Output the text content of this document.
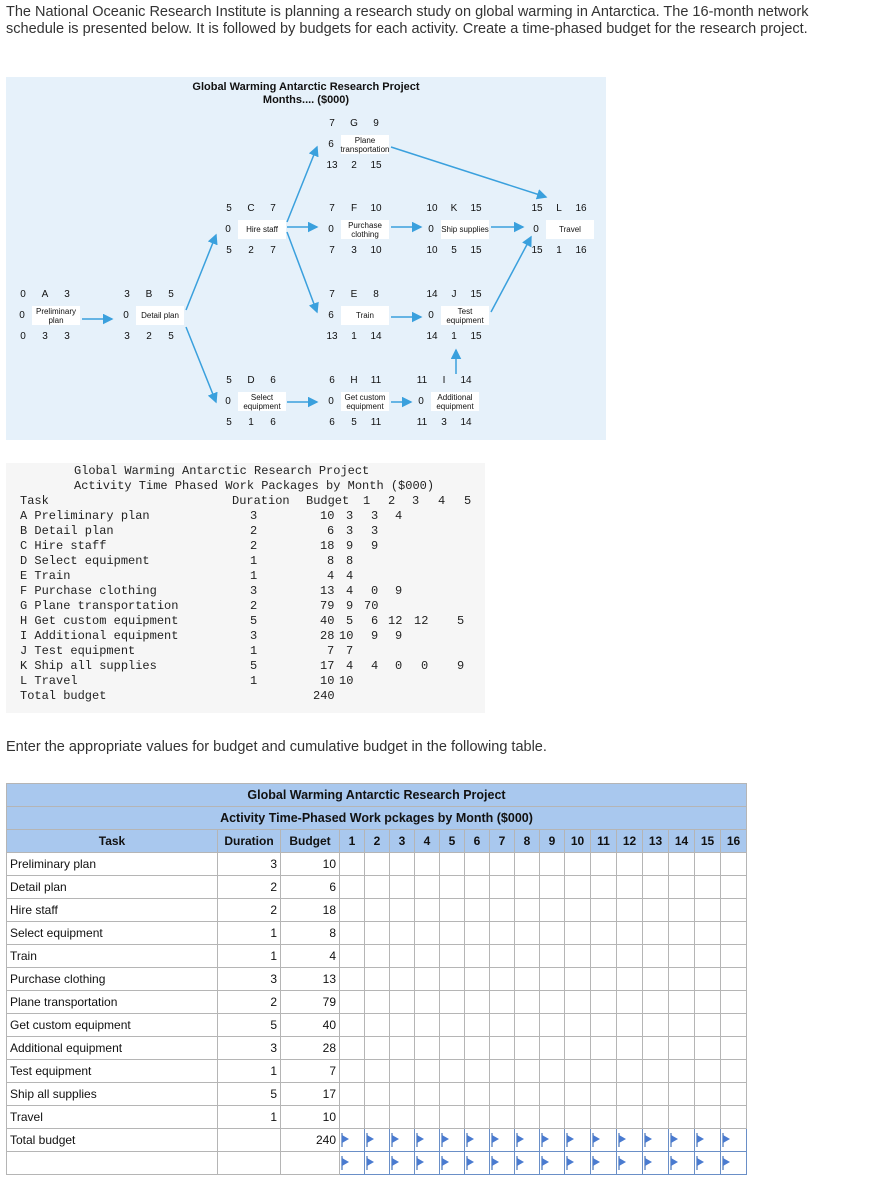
The National Oceanic Research Institute is planning a research study on global warming in Antarctica. The 16-month network schedule is presented below. It is followed by budgets for each activity. Create a time-phased budget for the research project.
Global Warming Antarctic Research Project
Months.... ($000)
0	A	3
0	Preliminary plan
0	3	3
3	B	5
0	Detail plan
3	2	5
5	C	7
0	Hire staff
5	2	7
5	D	6
0	Select equipment
5	1	6
7	G	9
6	Plane transportation
13	2	15
7	F	10
0	Purchase clothing
7	3	10
7	E	8
6	Train
13	1	14
6	H	11
0	Get custom equipment
6	5	11
10	K	15
0 Ship supplies
10	5	15
14	J	15
0	Test equipment
14	1	15
11	I	14
0	Additional equipment
11	3	14
15	L	16
0	Travel
15	1	16
Global Warming Antarctic Research Project
Activity Time Phased Work Packages by Month ($000)
Task	Duration Budget 1 2 3 4 5
A Preliminary plan	3	10 3 3 4
B Detail plan	2	6 3 3
C Hire staff	2	18 9 9
D Select equipment	1	8 8
E Train	1	4 4
F Purchase clothing	3	13 4 0 9
G Plane transportation	2	79 9 70
H Get custom equipment	5	40 5 6 12 12 5
I Additional equipment	3	28 10 9 9
J Test equipment	1	7 7
K Ship all supplies	5	17 4 4 0 0 9
L Travel	1	10 10
Total budget	240
Enter the appropriate values for budget and cumulative budget in the following table.
Global Warming Antarctic Research Project																		
Activity Time-Phased Work pckages by Month ($000)																		
Task	Duration	Budget	1	2	3	4	5	6	7	8	9	10	11	12	13	14	15	16
Preliminary plan	3	10																
Detail plan	2	6																
Hire staff	2	18																
Select equipment	1	8																
Train	1	4																
Purchase clothing	3	13																
Plane transportation	2	79																
Get custom equipment	5	40																
Additional equipment	3	28																
Test equipment	1	7																
Ship all supplies	5	17																
Travel	1	10																
Total budget		240	
